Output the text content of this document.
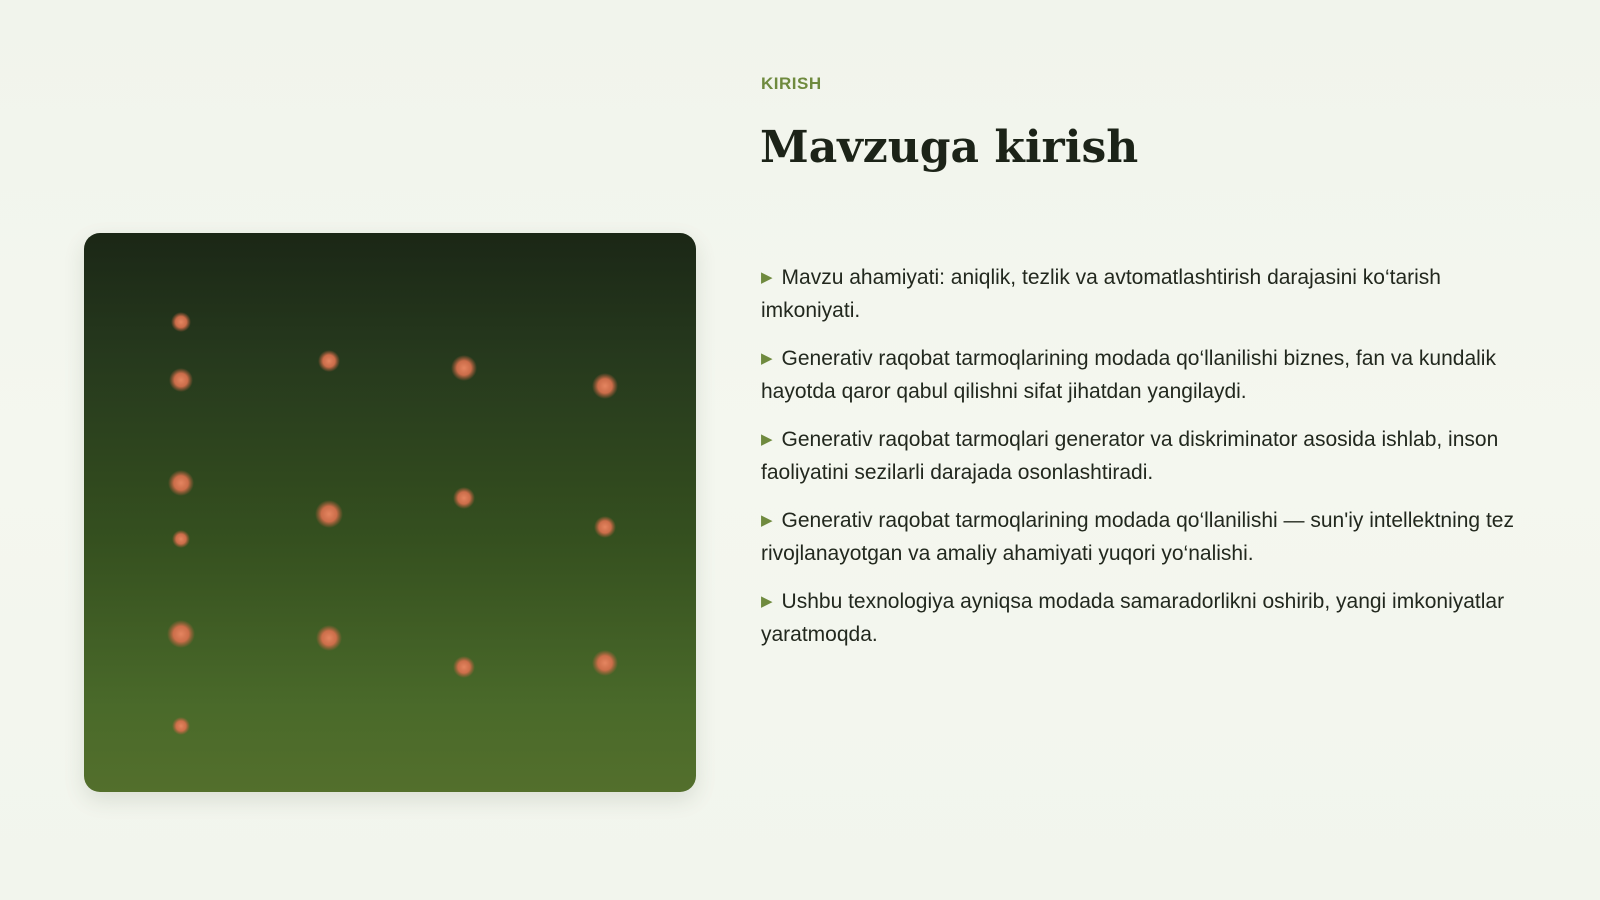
KIRISH
Mavzuga kirish
▶ Mavzu ahamiyati: aniqlik, tezlik va avtomatlashtirish darajasini ko‘tarish imkoniyati.
▶ Generativ raqobat tarmoqlarining modada qo‘llanilishi biznes, fan va kundalik hayotda qaror qabul qilishni sifat jihatdan yangilaydi.
▶ Generativ raqobat tarmoqlari generator va diskriminator asosida ishlab, inson faoliyatini sezilarli darajada osonlashtiradi.
▶ Generativ raqobat tarmoqlarining modada qo‘llanilishi — sun'iy intellektning tez rivojlanayotgan va amaliy ahamiyati yuqori yo‘nalishi.
▶ Ushbu texnologiya ayniqsa modada samaradorlikni oshirib, yangi imkoniyatlar yaratmoqda.
